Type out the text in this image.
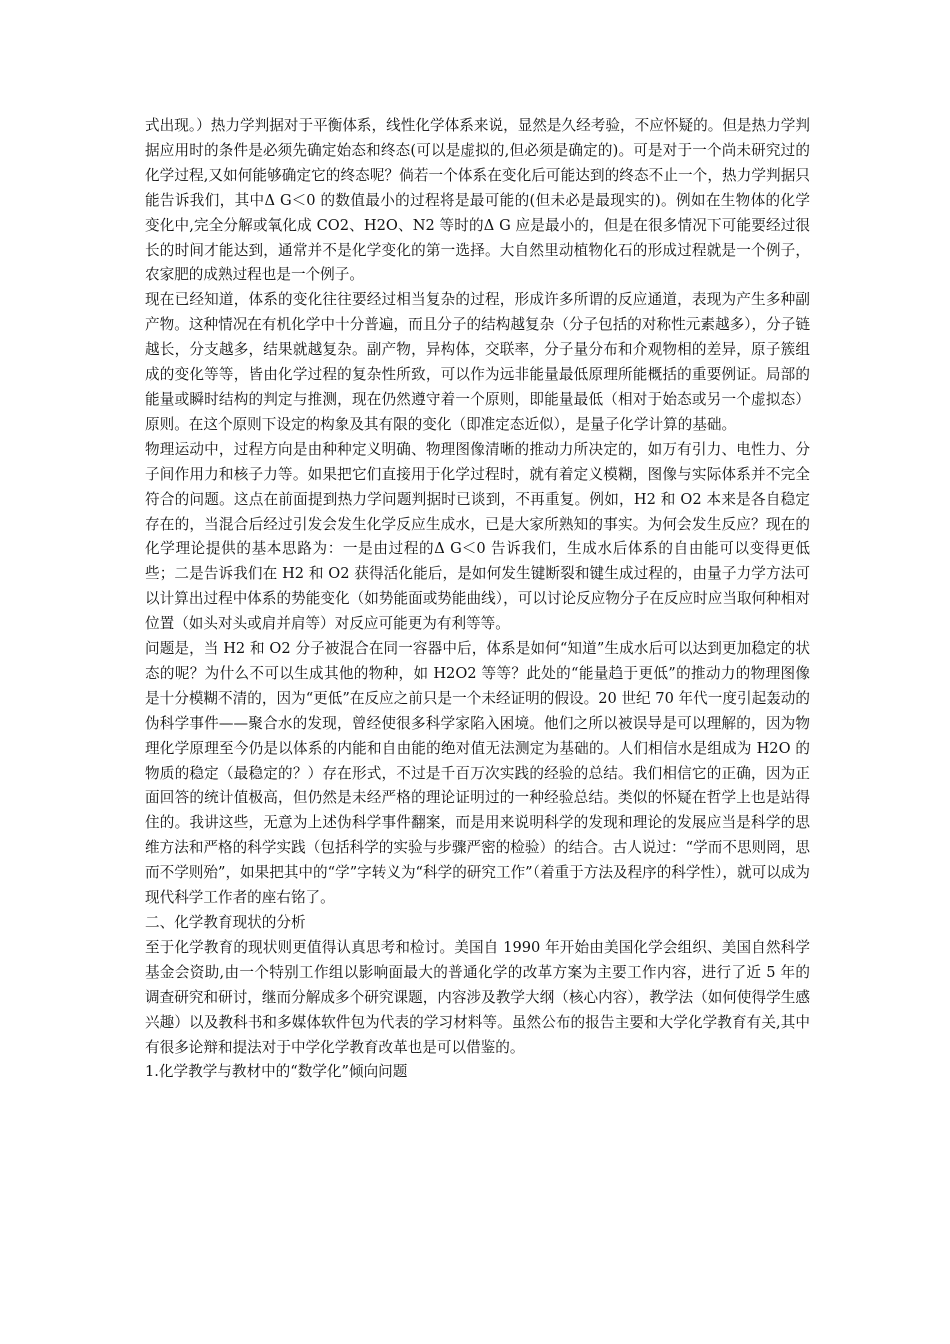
式出现。）热力学判据对于平衡体系，线性化学体系来说，显然是久经考验，不应怀疑的。但是热力学判据应用时的条件是必须先确定始态和终态(可以是虚拟的,但必须是确定的)。可是对于一个尚未研究过的化学过程,又如何能够确定它的终态呢？倘若一个体系在变化后可能达到的终态不止一个，热力学判据只能告诉我们，其中Δ G＜0 的数值最小的过程将是最可能的(但未必是最现实的)。例如在生物体的化学变化中,完全分解或氧化成 CO2、H2O、N2 等时的Δ G 应是最小的，但是在很多情况下可能要经过很长的时间才能达到，通常并不是化学变化的第一选择。大自然里动植物化石的形成过程就是一个例子，农家肥的成熟过程也是一个例子。

现在已经知道，体系的变化往往要经过相当复杂的过程，形成许多所谓的反应通道，表现为产生多种副产物。这种情况在有机化学中十分普遍，而且分子的结构越复杂（分子包括的对称性元素越多），分子链越长，分支越多，结果就越复杂。副产物，异构体，交联率，分子量分布和介观物相的差异，原子簇组成的变化等等，皆由化学过程的复杂性所致，可以作为远非能量最低原理所能概括的重要例证。局部的能量或瞬时结构的判定与推测，现在仍然遵守着一个原则，即能量最低（相对于始态或另一个虚拟态）原则。在这个原则下设定的构象及其有限的变化（即准定态近似），是量子化学计算的基础。

物理运动中，过程方向是由种种定义明确、物理图像清晰的推动力所决定的，如万有引力、电性力、分子间作用力和核子力等。如果把它们直接用于化学过程时，就有着定义模糊，图像与实际体系并不完全符合的问题。这点在前面提到热力学问题判据时已谈到，不再重复。例如，H2 和 O2 本来是各自稳定存在的，当混合后经过引发会发生化学反应生成水，已是大家所熟知的事实。为何会发生反应？现在的化学理论提供的基本思路为：一是由过程的Δ G＜0 告诉我们，生成水后体系的自由能可以变得更低些；二是告诉我们在 H2 和 O2 获得活化能后，是如何发生键断裂和键生成过程的，由量子力学方法可以计算出过程中体系的势能变化（如势能面或势能曲线），可以讨论反应物分子在反应时应当取何种相对位置（如头对头或肩并肩等）对反应可能更为有利等等。

问题是，当 H2 和 O2 分子被混合在同一容器中后，体系是如何“知道”生成水后可以达到更加稳定的状态的呢？为什么不可以生成其他的物种，如 H2O2 等等？此处的“能量趋于更低”的推动力的物理图像是十分模糊不清的，因为“更低”在反应之前只是一个未经证明的假设。20 世纪 70 年代一度引起轰动的伪科学事件——聚合水的发现，曾经使很多科学家陷入困境。他们之所以被误导是可以理解的，因为物理化学原理至今仍是以体系的内能和自由能的绝对值无法测定为基础的。人们相信水是组成为 H2O 的物质的稳定（最稳定的？）存在形式，不过是千百万次实践的经验的总结。我们相信它的正确，因为正面回答的统计值极高，但仍然是未经严格的理论证明过的一种经验总结。类似的怀疑在哲学上也是站得住的。我讲这些，无意为上述伪科学事件翻案，而是用来说明科学的发现和理论的发展应当是科学的思维方法和严格的科学实践（包括科学的实验与步骤严密的检验）的结合。古人说过：“学而不思则罔，思而不学则殆”，如果把其中的“学”字转义为“科学的研究工作”（着重于方法及程序的科学性），就可以成为现代科学工作者的座右铭了。

二、化学教育现状的分析

至于化学教育的现状则更值得认真思考和检讨。美国自 1990 年开始由美国化学会组织、美国自然科学基金会资助,由一个特别工作组以影响面最大的普通化学的改革方案为主要工作内容，进行了近 5 年的调查研究和研讨，继而分解成多个研究课题，内容涉及教学大纲（核心内容），教学法（如何使得学生感兴趣）以及教科书和多媒体软件包为代表的学习材料等。虽然公布的报告主要和大学化学教育有关,其中有很多论辩和提法对于中学化学教育改革也是可以借鉴的。

1.化学教学与教材中的“数学化”倾向问题
